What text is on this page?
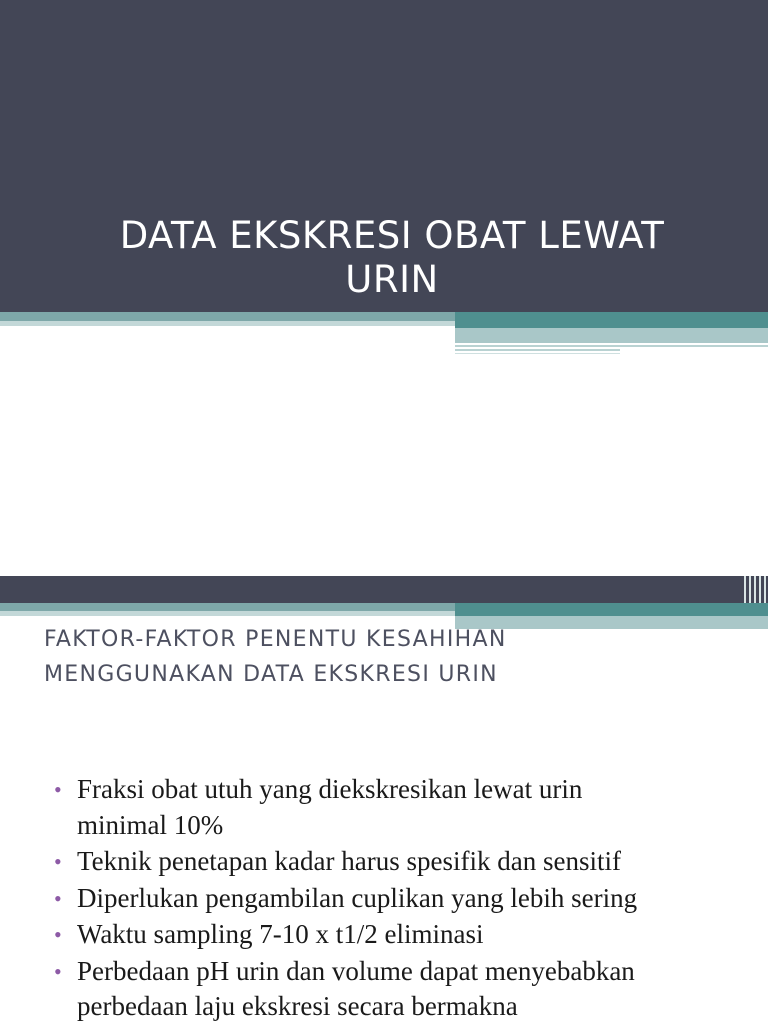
DATA EKSKRESI OBAT LEWAT
URIN
FAKTOR-FAKTOR PENENTU KESAHIHAN
MENGGUNAKAN DATA EKSKRESI URIN
• Fraksi obat utuh yang diekskresikan lewat urin
minimal 10%
• Teknik penetapan kadar harus spesifik dan sensitif
• Diperlukan pengambilan cuplikan yang lebih sering
• Waktu sampling 7-10 x t1/2 eliminasi
• Perbedaan pH urin dan volume dapat menyebabkan
perbedaan laju ekskresi secara bermakna
